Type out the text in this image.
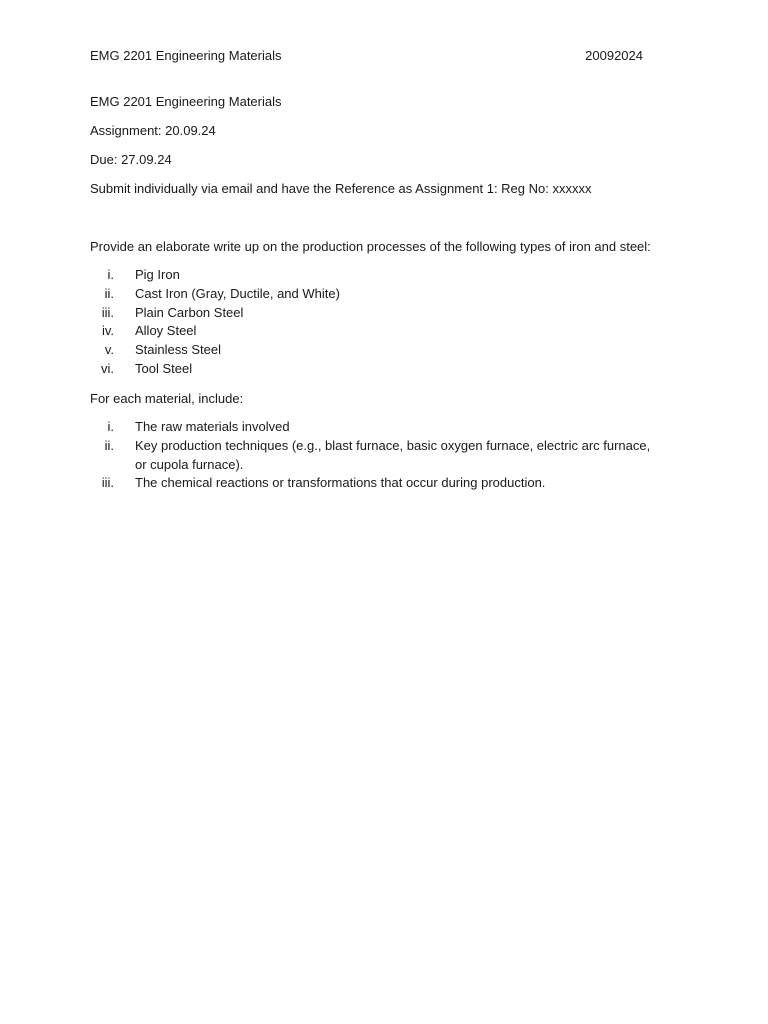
EMG 2201 Engineering Materials	20092024
EMG 2201 Engineering Materials
Assignment: 20.09.24
Due: 27.09.24
Submit individually via email and have the Reference as Assignment 1: Reg No: xxxxxx
Provide an elaborate write up on the production processes of the following types of iron and steel:
i. Pig Iron
ii. Cast Iron (Gray, Ductile, and White)
iii. Plain Carbon Steel
iv. Alloy Steel
v. Stainless Steel
vi. Tool Steel
For each material, include:
i. The raw materials involved
ii. Key production techniques (e.g., blast furnace, basic oxygen furnace, electric arc furnace, or cupola furnace).
iii. The chemical reactions or transformations that occur during production.
